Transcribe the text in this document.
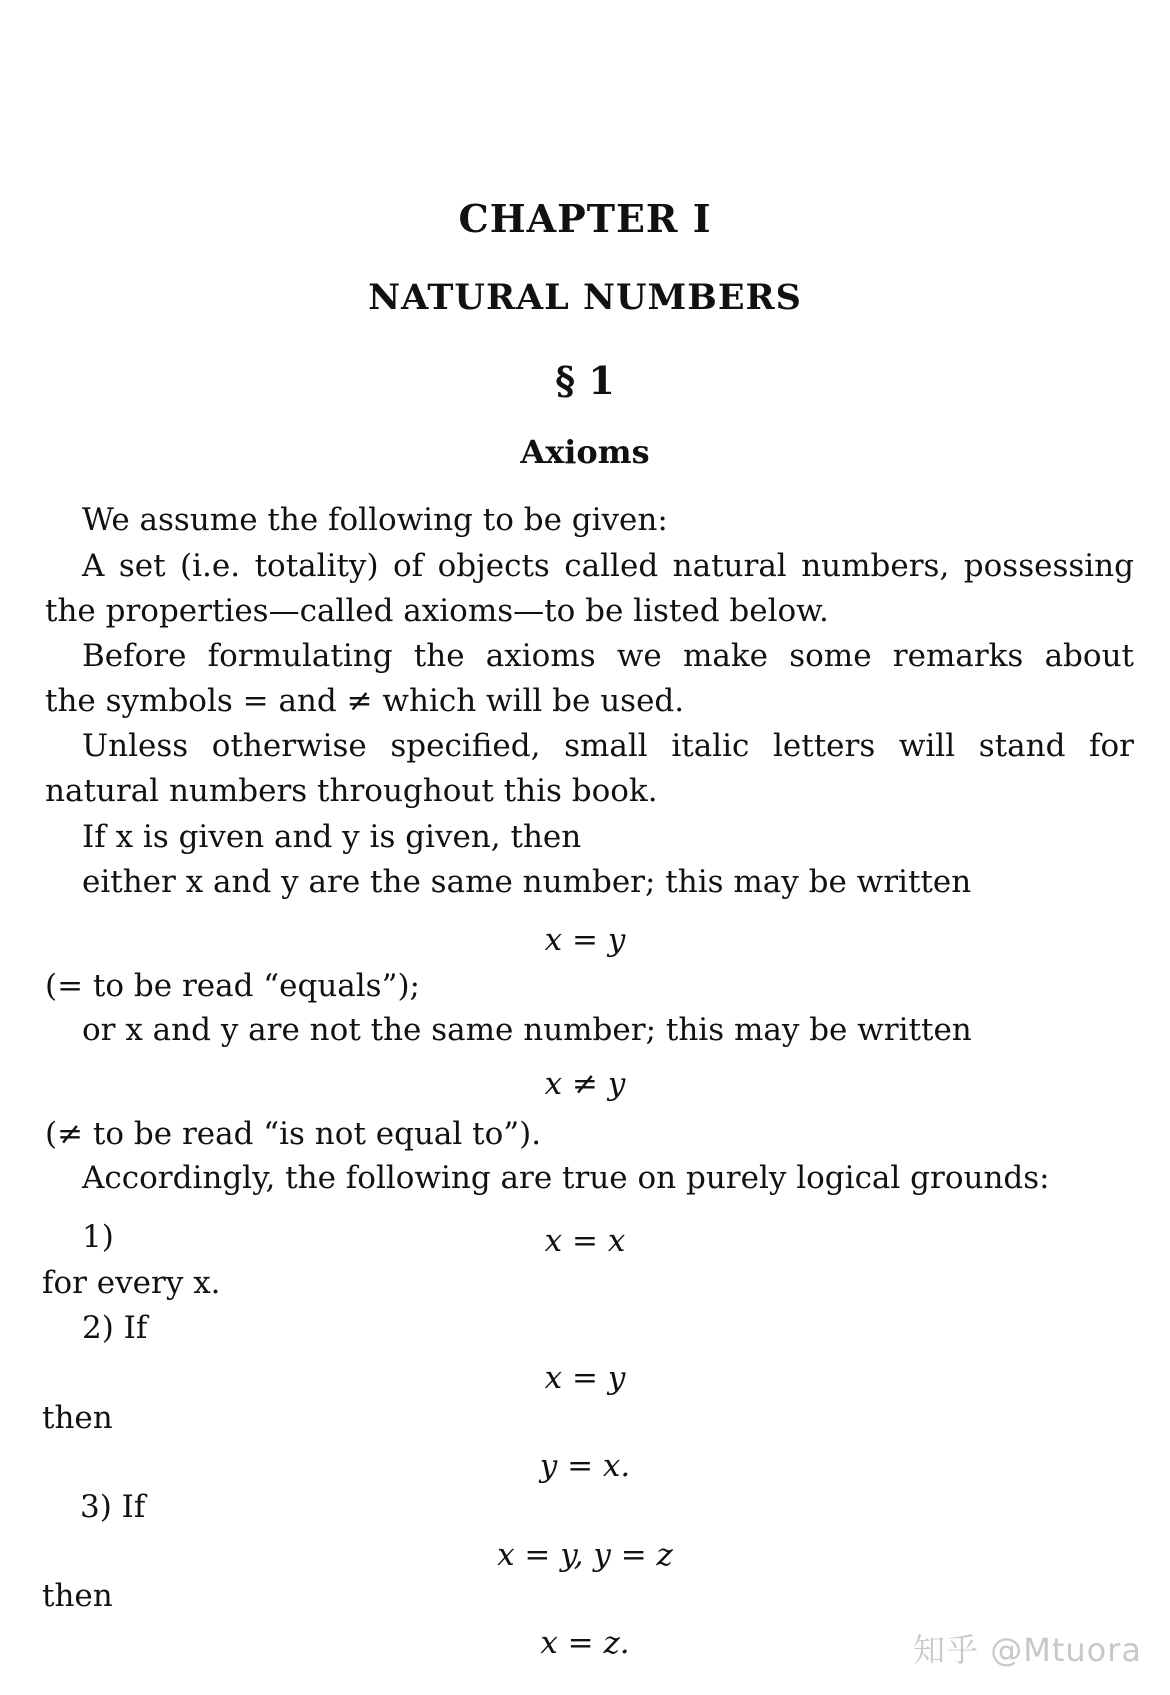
CHAPTER I
NATURAL NUMBERS
§ 1
Axioms
We assume the following to be given:
A set (i.e. totality) of objects called natural numbers, possessing
the properties—called axioms—to be listed below.
Before formulating the axioms we make some remarks about
the symbols = and ≠ which will be used.
Unless otherwise specified, small italic letters will stand for
natural numbers throughout this book.
If x is given and y is given, then
either x and y are the same number; this may be written
x = y
(= to be read “equals”);
or x and y are not the same number; this may be written
x ≠ y
(≠ to be read “is not equal to”).
Accordingly, the following are true on purely logical grounds:
1)	x = x
for every x.
2) If
x = y
then
y = x.
3) If
x = y, y = z
then
x = z.	知乎 @Mtuora
